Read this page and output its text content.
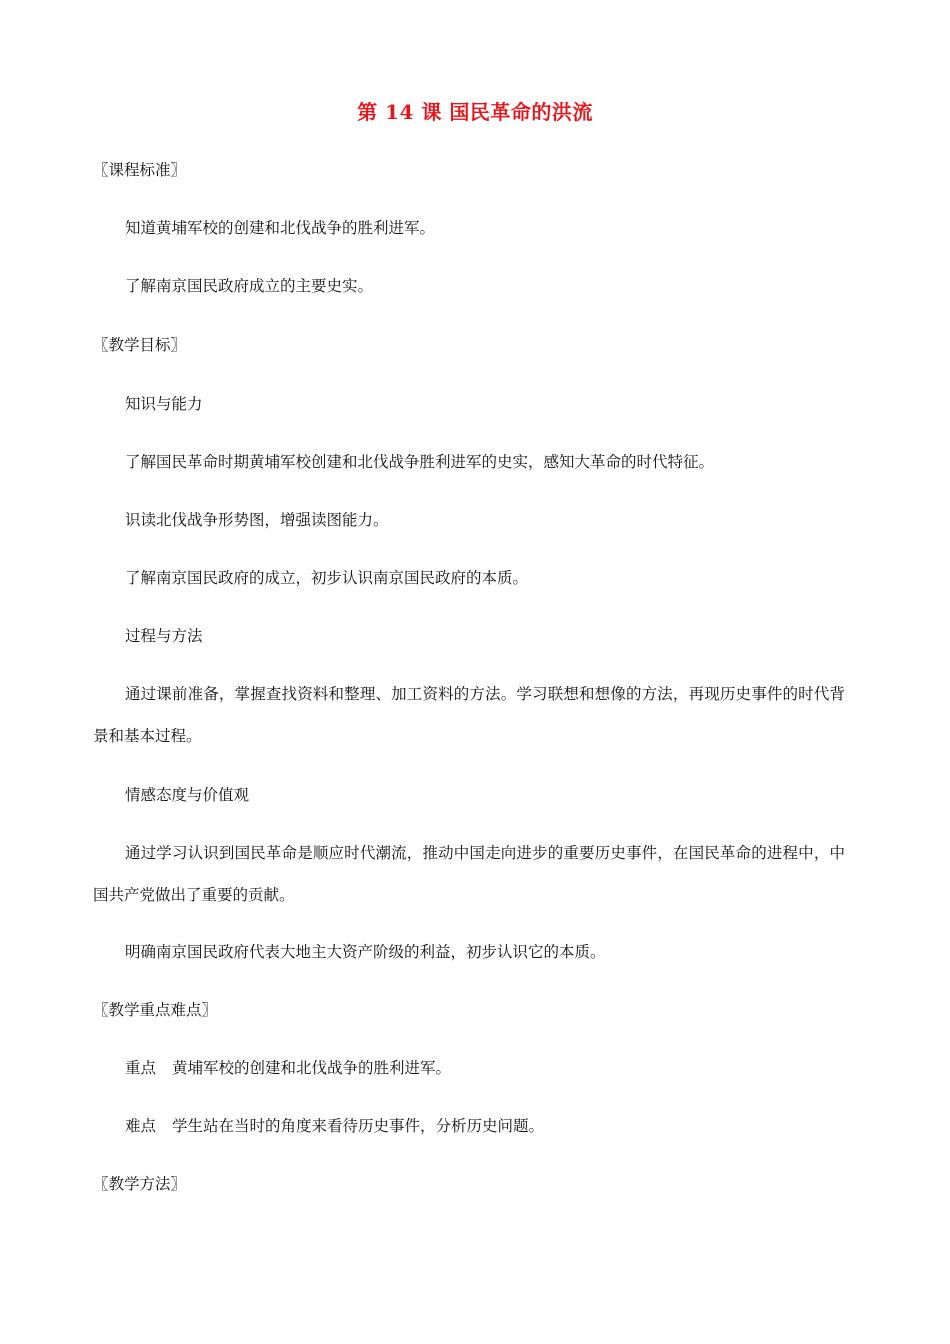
第 14 课 国民革命的洪流
〖课程标准〗
知道黄埔军校的创建和北伐战争的胜利进军。
了解南京国民政府成立的主要史实。
〖教学目标〗
知识与能力
了解国民革命时期黄埔军校创建和北伐战争胜利进军的史实，感知大革命的时代特征。
识读北伐战争形势图，增强读图能力。
了解南京国民政府的成立，初步认识南京国民政府的本质。
过程与方法
通过课前准备，掌握查找资料和整理、加工资料的方法。学习联想和想像的方法，再现历史事件的时代背景和基本过程。
情感态度与价值观
通过学习认识到国民革命是顺应时代潮流，推动中国走向进步的重要历史事件，在国民革命的进程中，中国共产党做出了重要的贡献。
明确南京国民政府代表大地主大资产阶级的利益，初步认识它的本质。
〖教学重点难点〗
重点 黄埔军校的创建和北伐战争的胜利进军。
难点 学生站在当时的角度来看待历史事件，分析历史问题。
〖教学方法〗
